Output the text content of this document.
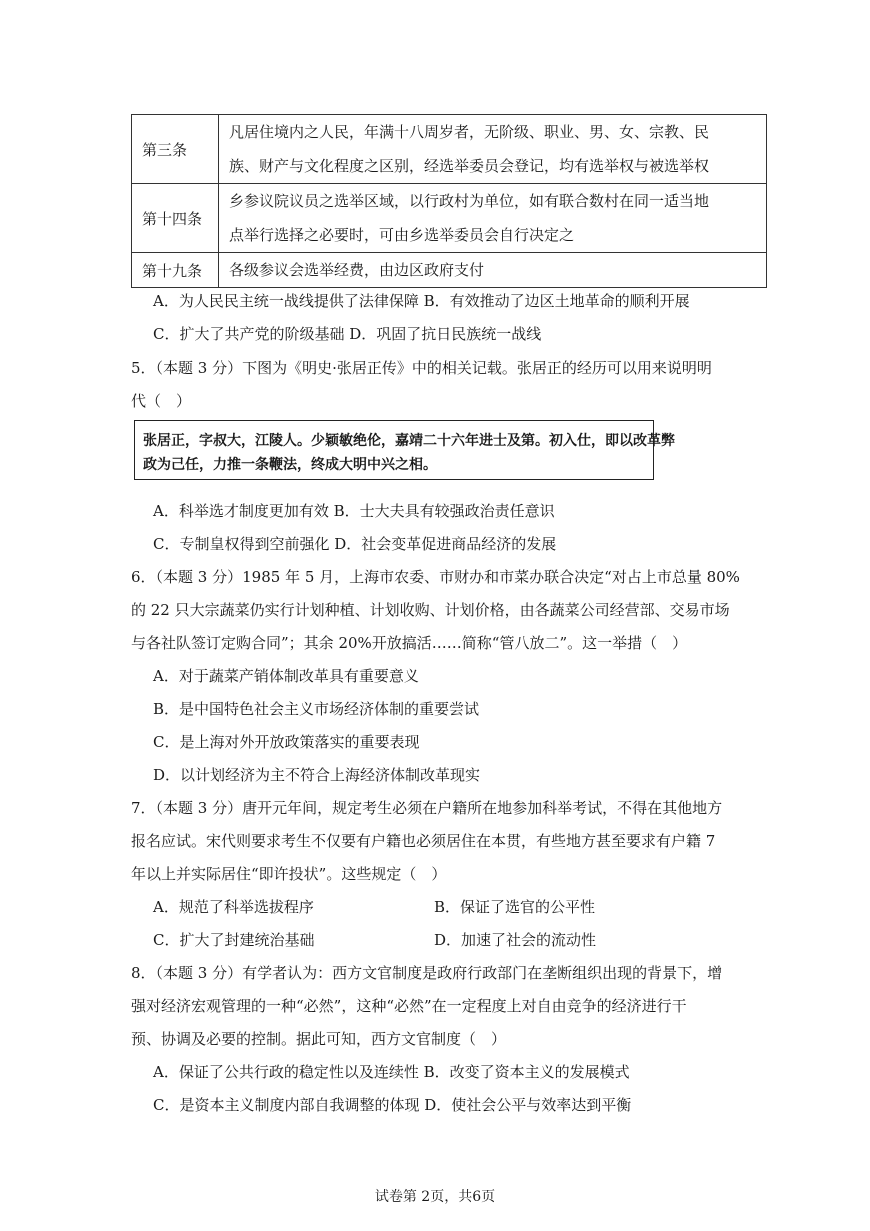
第三条	凡居住境内之人民，年满十八周岁者，无阶级、职业、男、女、宗教、民
族、财产与文化程度之区别，经选举委员会登记，均有选举权与被选举权

第十四条	乡参议院议员之选举区域，以行政村为单位，如有联合数村在同一适当地
点举行选择之必要时，可由乡选举委员会自行决定之

第十九条	各级参议会选举经费，由边区政府支付
A．为人民民主统一战线提供了法律保障 B．有效推动了边区土地革命的顺利开展
C．扩大了共产党的阶级基础 D．巩固了抗日民族统一战线
5．（本题 3 分）下图为《明史·张居正传》中的相关记载。张居正的经历可以用来说明明
代（　）
张居正，字叔大，江陵人。少颖敏绝伦，嘉靖二十六年进士及第。初入仕，即以改革弊
政为己任，力推一条鞭法，终成大明中兴之相。
A．科举选才制度更加有效 B．士大夫具有较强政治责任意识
C．专制皇权得到空前强化 D．社会变革促进商品经济的发展
6．（本题 3 分）1985 年 5 月，上海市农委、市财办和市菜办联合决定“对占上市总量 80%
的 22 只大宗蔬菜仍实行计划种植、计划收购、计划价格，由各蔬菜公司经营部、交易市场
与各社队签订定购合同”；其余 20%开放搞活……简称“管八放二”。这一举措（　）
A．对于蔬菜产销体制改革具有重要意义
B．是中国特色社会主义市场经济体制的重要尝试
C．是上海对外开放政策落实的重要表现
D．以计划经济为主不符合上海经济体制改革现实
7．（本题 3 分）唐开元年间，规定考生必须在户籍所在地参加科举考试，不得在其他地方
报名应试。宋代则要求考生不仅要有户籍也必须居住在本贯，有些地方甚至要求有户籍 7
年以上并实际居住“即许投状”。这些规定（　）
A．规范了科举选拔程序	B．保证了选官的公平性
C．扩大了封建统治基础	D．加速了社会的流动性
8．（本题 3 分）有学者认为：西方文官制度是政府行政部门在垄断组织出现的背景下，增
强对经济宏观管理的一种“必然”，这种“必然”在一定程度上对自由竞争的经济进行干
预、协调及必要的控制。据此可知，西方文官制度（　）
A．保证了公共行政的稳定性以及连续性 B．改变了资本主义的发展模式
C．是资本主义制度内部自我调整的体现 D．使社会公平与效率达到平衡
试卷第 2页，共6页
